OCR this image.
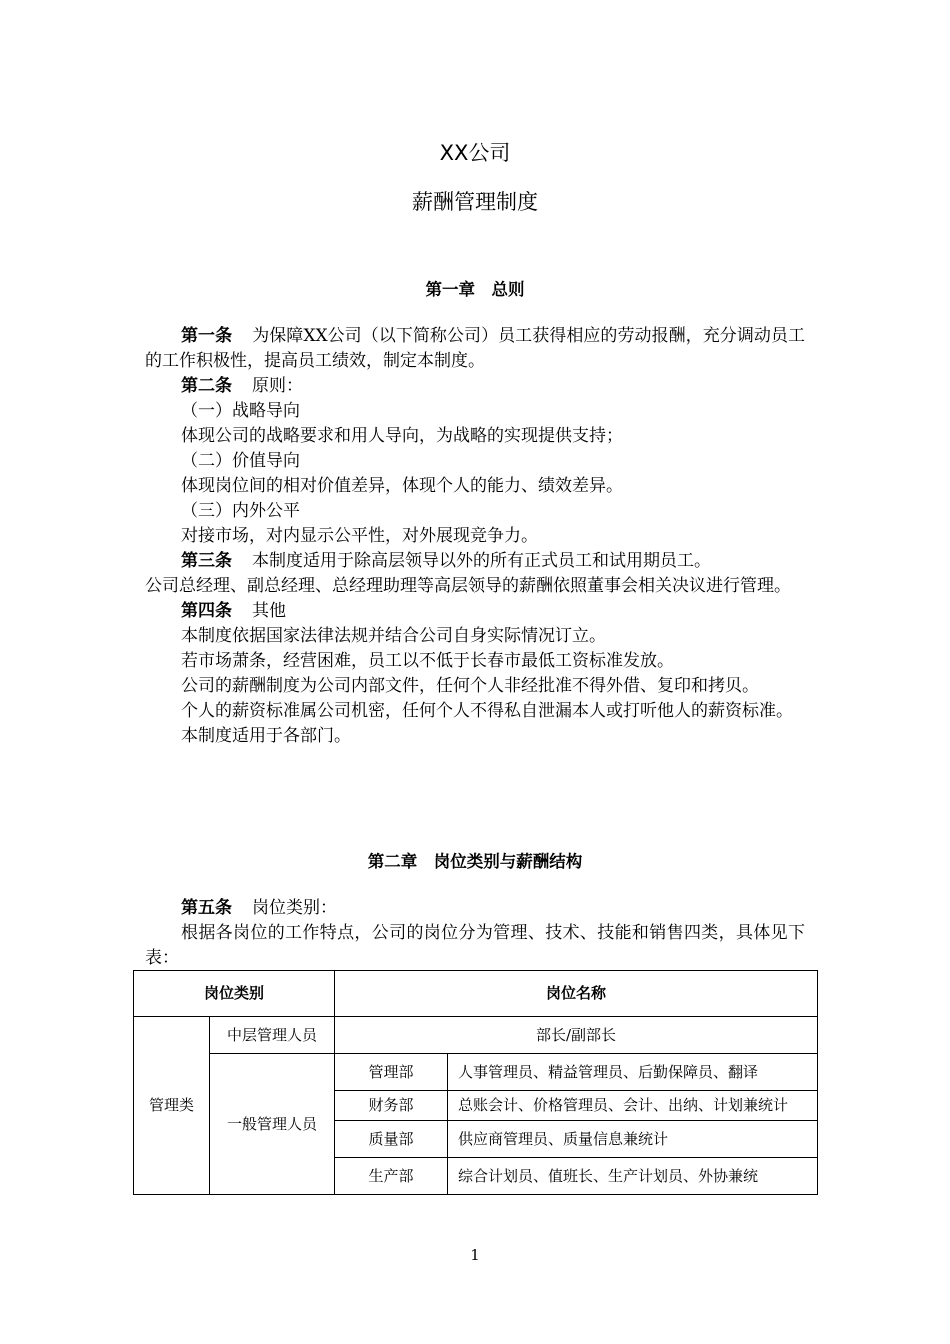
XX公司
薪酬管理制度
第一章　总则

第一条 为保障XX公司（以下简称公司）员工获得相应的劳动报酬，充分调动员工的工作积极性，提高员工绩效，制定本制度。

第二条 原则：

（一）战略导向

体现公司的战略要求和用人导向，为战略的实现提供支持；

（二）价值导向

体现岗位间的相对价值差异，体现个人的能力、绩效差异。

（三）内外公平

对接市场，对内显示公平性，对外展现竞争力。

第三条 本制度适用于除高层领导以外的所有正式员工和试用期员工。

公司总经理、副总经理、总经理助理等高层领导的薪酬依照董事会相关决议进行管理。

第四条 其他

本制度依据国家法律法规并结合公司自身实际情况订立。

若市场萧条，经营困难，员工以不低于长春市最低工资标准发放。

公司的薪酬制度为公司内部文件，任何个人非经批准不得外借、复印和拷贝。

个人的薪资标准属公司机密，任何个人不得私自泄漏本人或打听他人的薪资标准。

本制度适用于各部门。

第二章　岗位类别与薪酬结构

第五条 岗位类别：

根据各岗位的工作特点，公司的岗位分为管理、技术、技能和销售四类，具体见下表：

岗位类别		岗位名称	
管理类	中层管理人员	部长/副部长	
	一般管理人员	管理部	人事管理员、精益管理员、后勤保障员、翻译
		财务部	总账会计、价格管理员、会计、出纳、计划兼统计
		质量部	供应商管理员、质量信息兼统计
		生产部	综合计划员、值班长、生产计划员、外协兼统
1
